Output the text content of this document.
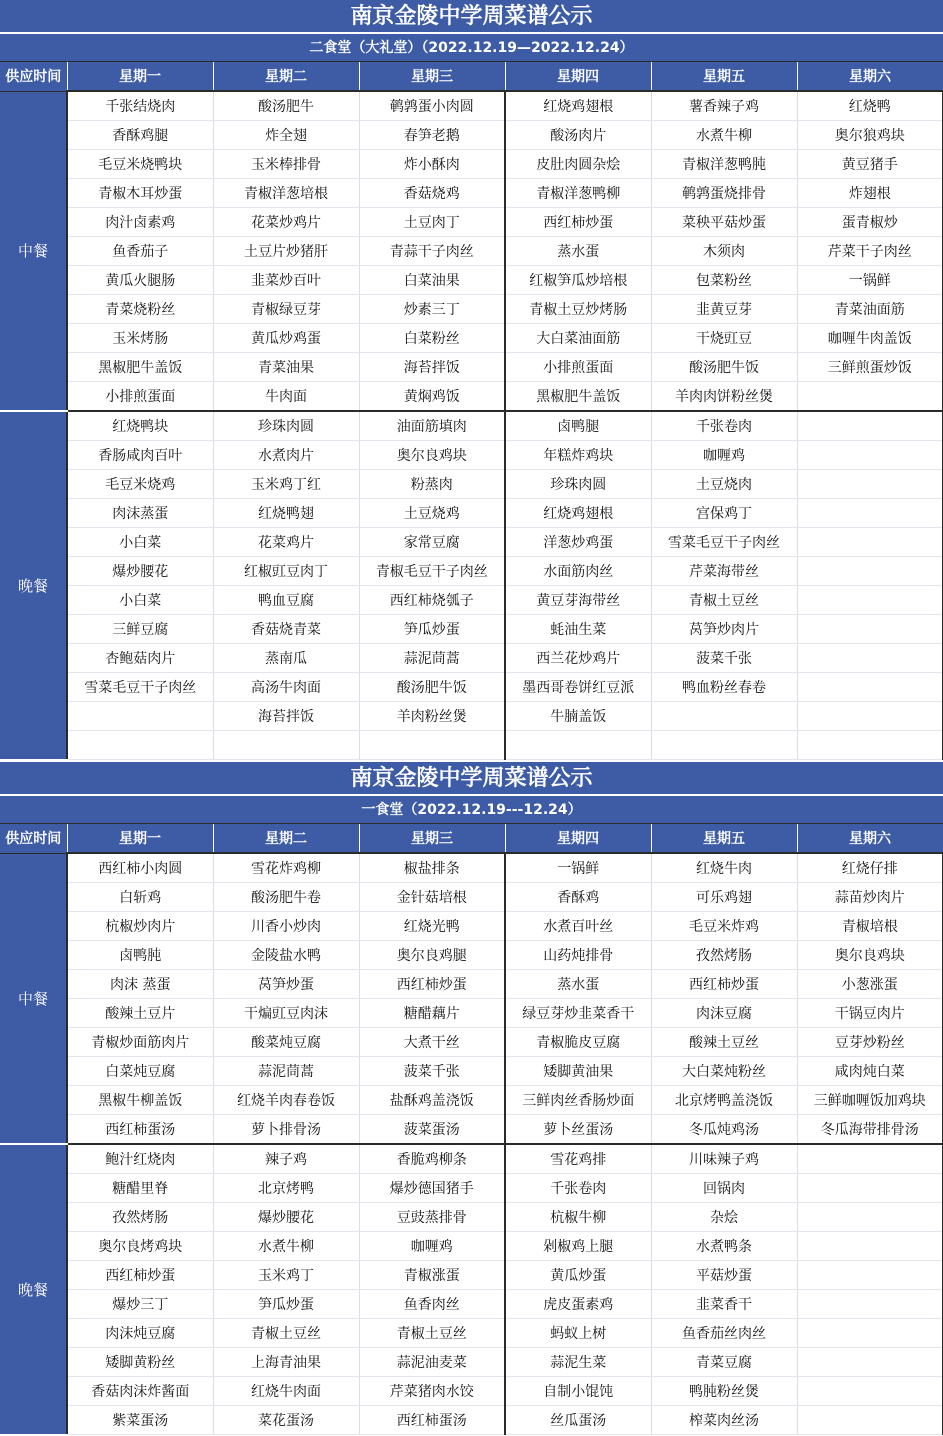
南京金陵中学周菜谱公示
二食堂（大礼堂）（2022.12.19—2022.12.24）
供应时间	星期一	星期二	星期三	星期四	星期五	星期六
中餐	千张结烧肉	酸汤肥牛	鹌鹑蛋小肉圆	红烧鸡翅根	薯香辣子鸡	红烧鸭
	香酥鸡腿	炸全翅	春笋老鹅	酸汤肉片	水煮牛柳	奥尔狼鸡块
	毛豆米烧鸭块	玉米棒排骨	炸小酥肉	皮肚肉圆杂烩	青椒洋葱鸭肫	黄豆猪手
	青椒木耳炒蛋	青椒洋葱培根	香菇烧鸡	青椒洋葱鸭柳	鹌鹑蛋烧排骨	炸翅根
	肉汁卤素鸡	花菜炒鸡片	土豆肉丁	西红柿炒蛋	菜秧平菇炒蛋	蛋青椒炒
	鱼香茄子	土豆片炒猪肝	青蒜干子肉丝	蒸水蛋	木须肉	芹菜干子肉丝
	黄瓜火腿肠	韭菜炒百叶	白菜油果	红椒笋瓜炒培根	包菜粉丝	一锅鲜
	青菜烧粉丝	青椒绿豆芽	炒素三丁	青椒土豆炒烤肠	韭黄豆芽	青菜油面筋
	玉米烤肠	黄瓜炒鸡蛋	白菜粉丝	大白菜油面筋	干烧豇豆	咖喱牛肉盖饭
	黑椒肥牛盖饭	青菜油果	海苔拌饭	小排煎蛋面	酸汤肥牛饭	三鲜煎蛋炒饭
	小排煎蛋面	牛肉面	黄焖鸡饭	黑椒肥牛盖饭	羊肉肉饼粉丝煲	
晚餐	红烧鸭块	珍珠肉圆	油面筋填肉	卤鸭腿	千张卷肉	
	香肠咸肉百叶	水煮肉片	奥尔良鸡块	年糕炸鸡块	咖喱鸡	
	毛豆米烧鸡	玉米鸡丁红	粉蒸肉	珍珠肉圆	土豆烧肉	
	肉沫蒸蛋	红烧鸭翅	土豆烧鸡	红烧鸡翅根	宫保鸡丁	
	小白菜	花菜鸡片	家常豆腐	洋葱炒鸡蛋	雪菜毛豆干子肉丝	
	爆炒腰花	红椒豇豆肉丁	青椒毛豆干子肉丝	水面筋肉丝	芹菜海带丝	
	小白菜	鸭血豆腐	西红柿烧瓠子	黄豆芽海带丝	青椒土豆丝	
	三鲜豆腐	香菇烧青菜	笋瓜炒蛋	蚝油生菜	莴笋炒肉片	
	杏鲍菇肉片	蒸南瓜	蒜泥茼蒿	西兰花炒鸡片	菠菜千张	
	雪菜毛豆干子肉丝	高汤牛肉面	酸汤肥牛饭	墨西哥卷饼红豆派	鸭血粉丝春卷	
		海苔拌饭	羊肉粉丝煲	牛腩盖饭		

南京金陵中学周菜谱公示
一食堂（2022.12.19---12.24）
供应时间	星期一	星期二	星期三	星期四	星期五	星期六
中餐	西红柿小肉圆	雪花炸鸡柳	椒盐排条	一锅鲜	红烧牛肉	红烧仔排
	白斩鸡	酸汤肥牛卷	金针菇培根	香酥鸡	可乐鸡翅	蒜苗炒肉片
	杭椒炒肉片	川香小炒肉	红烧光鸭	水煮百叶丝	毛豆米炸鸡	青椒培根
	卤鸭肫	金陵盐水鸭	奥尔良鸡腿	山药炖排骨	孜然烤肠	奥尔良鸡块
	肉沫 蒸蛋	莴笋炒蛋	西红柿炒蛋	蒸水蛋	西红柿炒蛋	小葱涨蛋
	酸辣土豆片	干煸豇豆肉沫	糖醋藕片	绿豆芽炒韭菜香干	肉沫豆腐	干锅豆肉片
	青椒炒面筋肉片	酸菜炖豆腐	大煮干丝	青椒脆皮豆腐	酸辣土豆丝	豆芽炒粉丝
	白菜炖豆腐	蒜泥茼蒿	菠菜千张	矮脚黄油果	大白菜炖粉丝	咸肉炖白菜
	黑椒牛柳盖饭	红烧羊肉春卷饭	盐酥鸡盖浇饭	三鲜肉丝香肠炒面	北京烤鸭盖浇饭	三鲜咖喱饭加鸡块
	西红柿蛋汤	萝卜排骨汤	菠菜蛋汤	萝卜丝蛋汤	冬瓜炖鸡汤	冬瓜海带排骨汤
晚餐	鲍汁红烧肉	辣子鸡	香脆鸡柳条	雪花鸡排	川味辣子鸡	
	糖醋里脊	北京烤鸭	爆炒德国猪手	千张卷肉	回锅肉	
	孜然烤肠	爆炒腰花	豆豉蒸排骨	杭椒牛柳	杂烩	
	奥尔良烤鸡块	水煮牛柳	咖喱鸡	剁椒鸡上腿	水煮鸭条	
	西红柿炒蛋	玉米鸡丁	青椒涨蛋	黄瓜炒蛋	平菇炒蛋	
	爆炒三丁	笋瓜炒蛋	鱼香肉丝	虎皮蛋素鸡	韭菜香干	
	肉沫炖豆腐	青椒土豆丝	青椒土豆丝	蚂蚁上树	鱼香茄丝肉丝	
	矮脚黄粉丝	上海青油果	蒜泥油麦菜	蒜泥生菜	青菜豆腐	
	香菇肉沫炸酱面	红烧牛肉面	芹菜猪肉水饺	自制小馄饨	鸭肫粉丝煲	
	紫菜蛋汤	菜花蛋汤	西红柿蛋汤	丝瓜蛋汤	榨菜肉丝汤	
